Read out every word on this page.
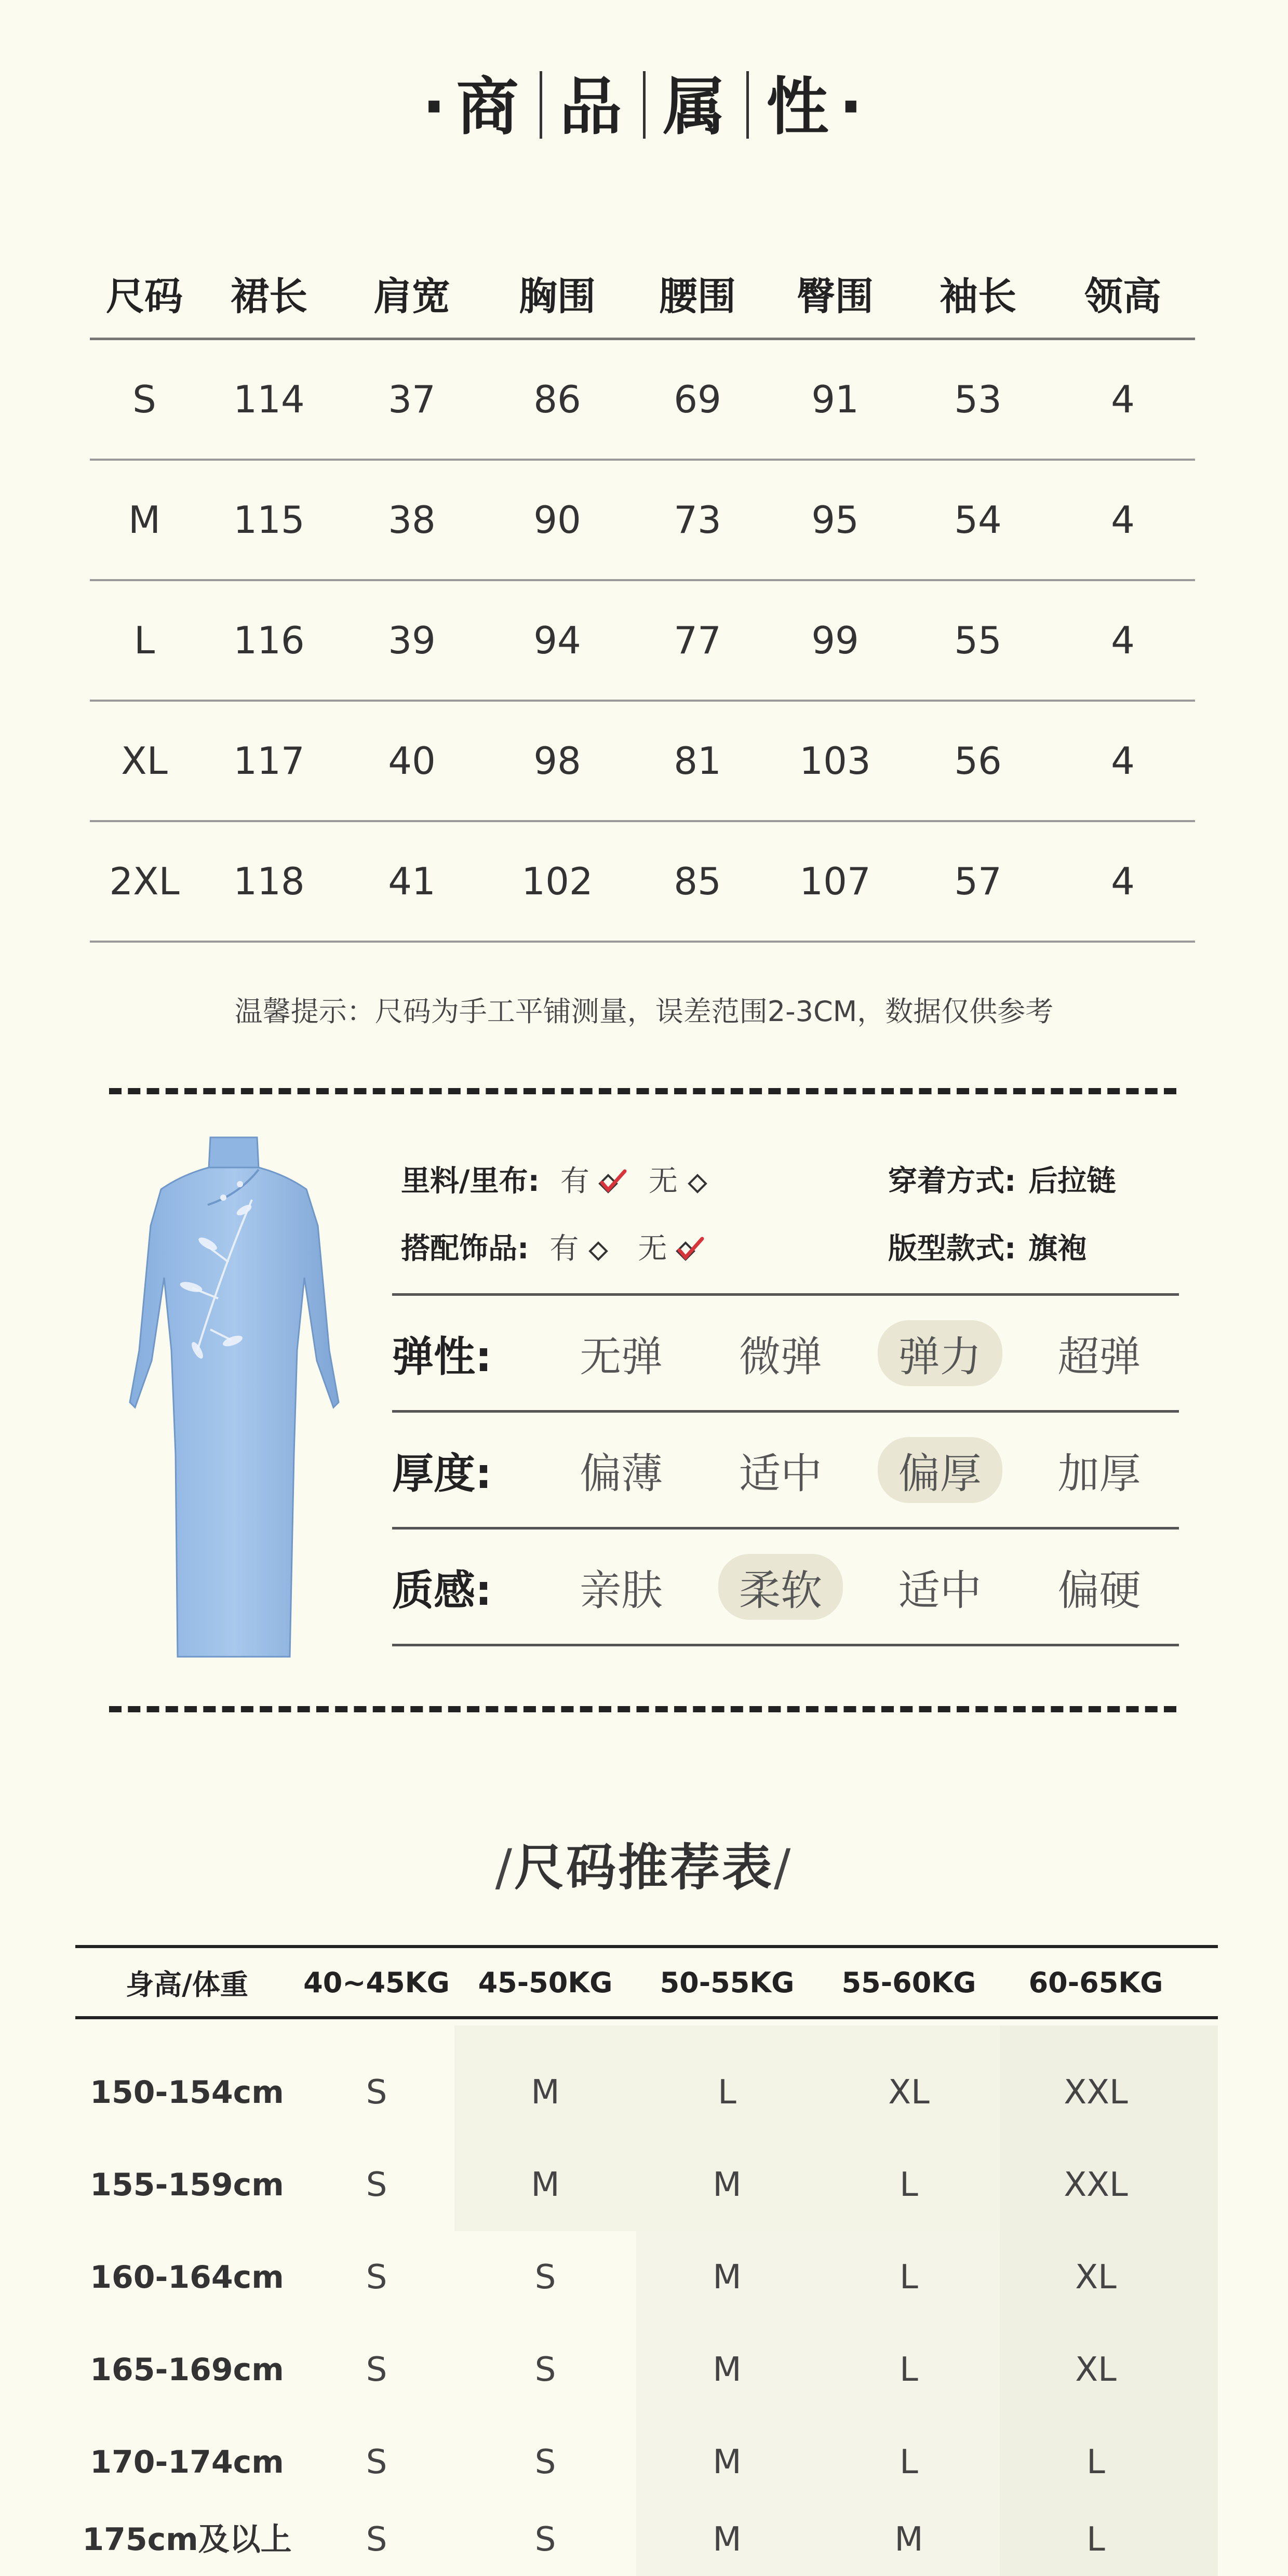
· 商 品 属 性 ·
尺码	裙长	肩宽	胸围	腰围	臀围	袖长	领高
S	114	37	86	69	91	53	4
M	115	38	90	73	95	54	4
L	116	39	94	77	99	55	4
XL	117	40	98	81	103	56	4
2XL	118	41	102	85	107	57	4
温馨提示：尺码为手工平铺测量，误差范围2-3CM，数据仅供参考
里料/里布: 有 无
搭配饰品: 有 无
穿着方式: 后拉链
版型款式: 旗袍
弹性:	无弹	微弹	弹力	超弹
厚度:	偏薄	适中	偏厚	加厚
质感:	亲肤	柔软	适中	偏硬
/尺码推荐表/
身高/体重	40~45KG	45-50KG	50-55KG	55-60KG	60-65KG
150-154cm	S	M	L	XL	XXL
155-159cm	S	M	M	L	XXL
160-164cm	S	S	M	L	XL
165-169cm	S	S	M	L	XL
170-174cm	S	S	M	L	L
175cm及以上	S	S	M	M	L
